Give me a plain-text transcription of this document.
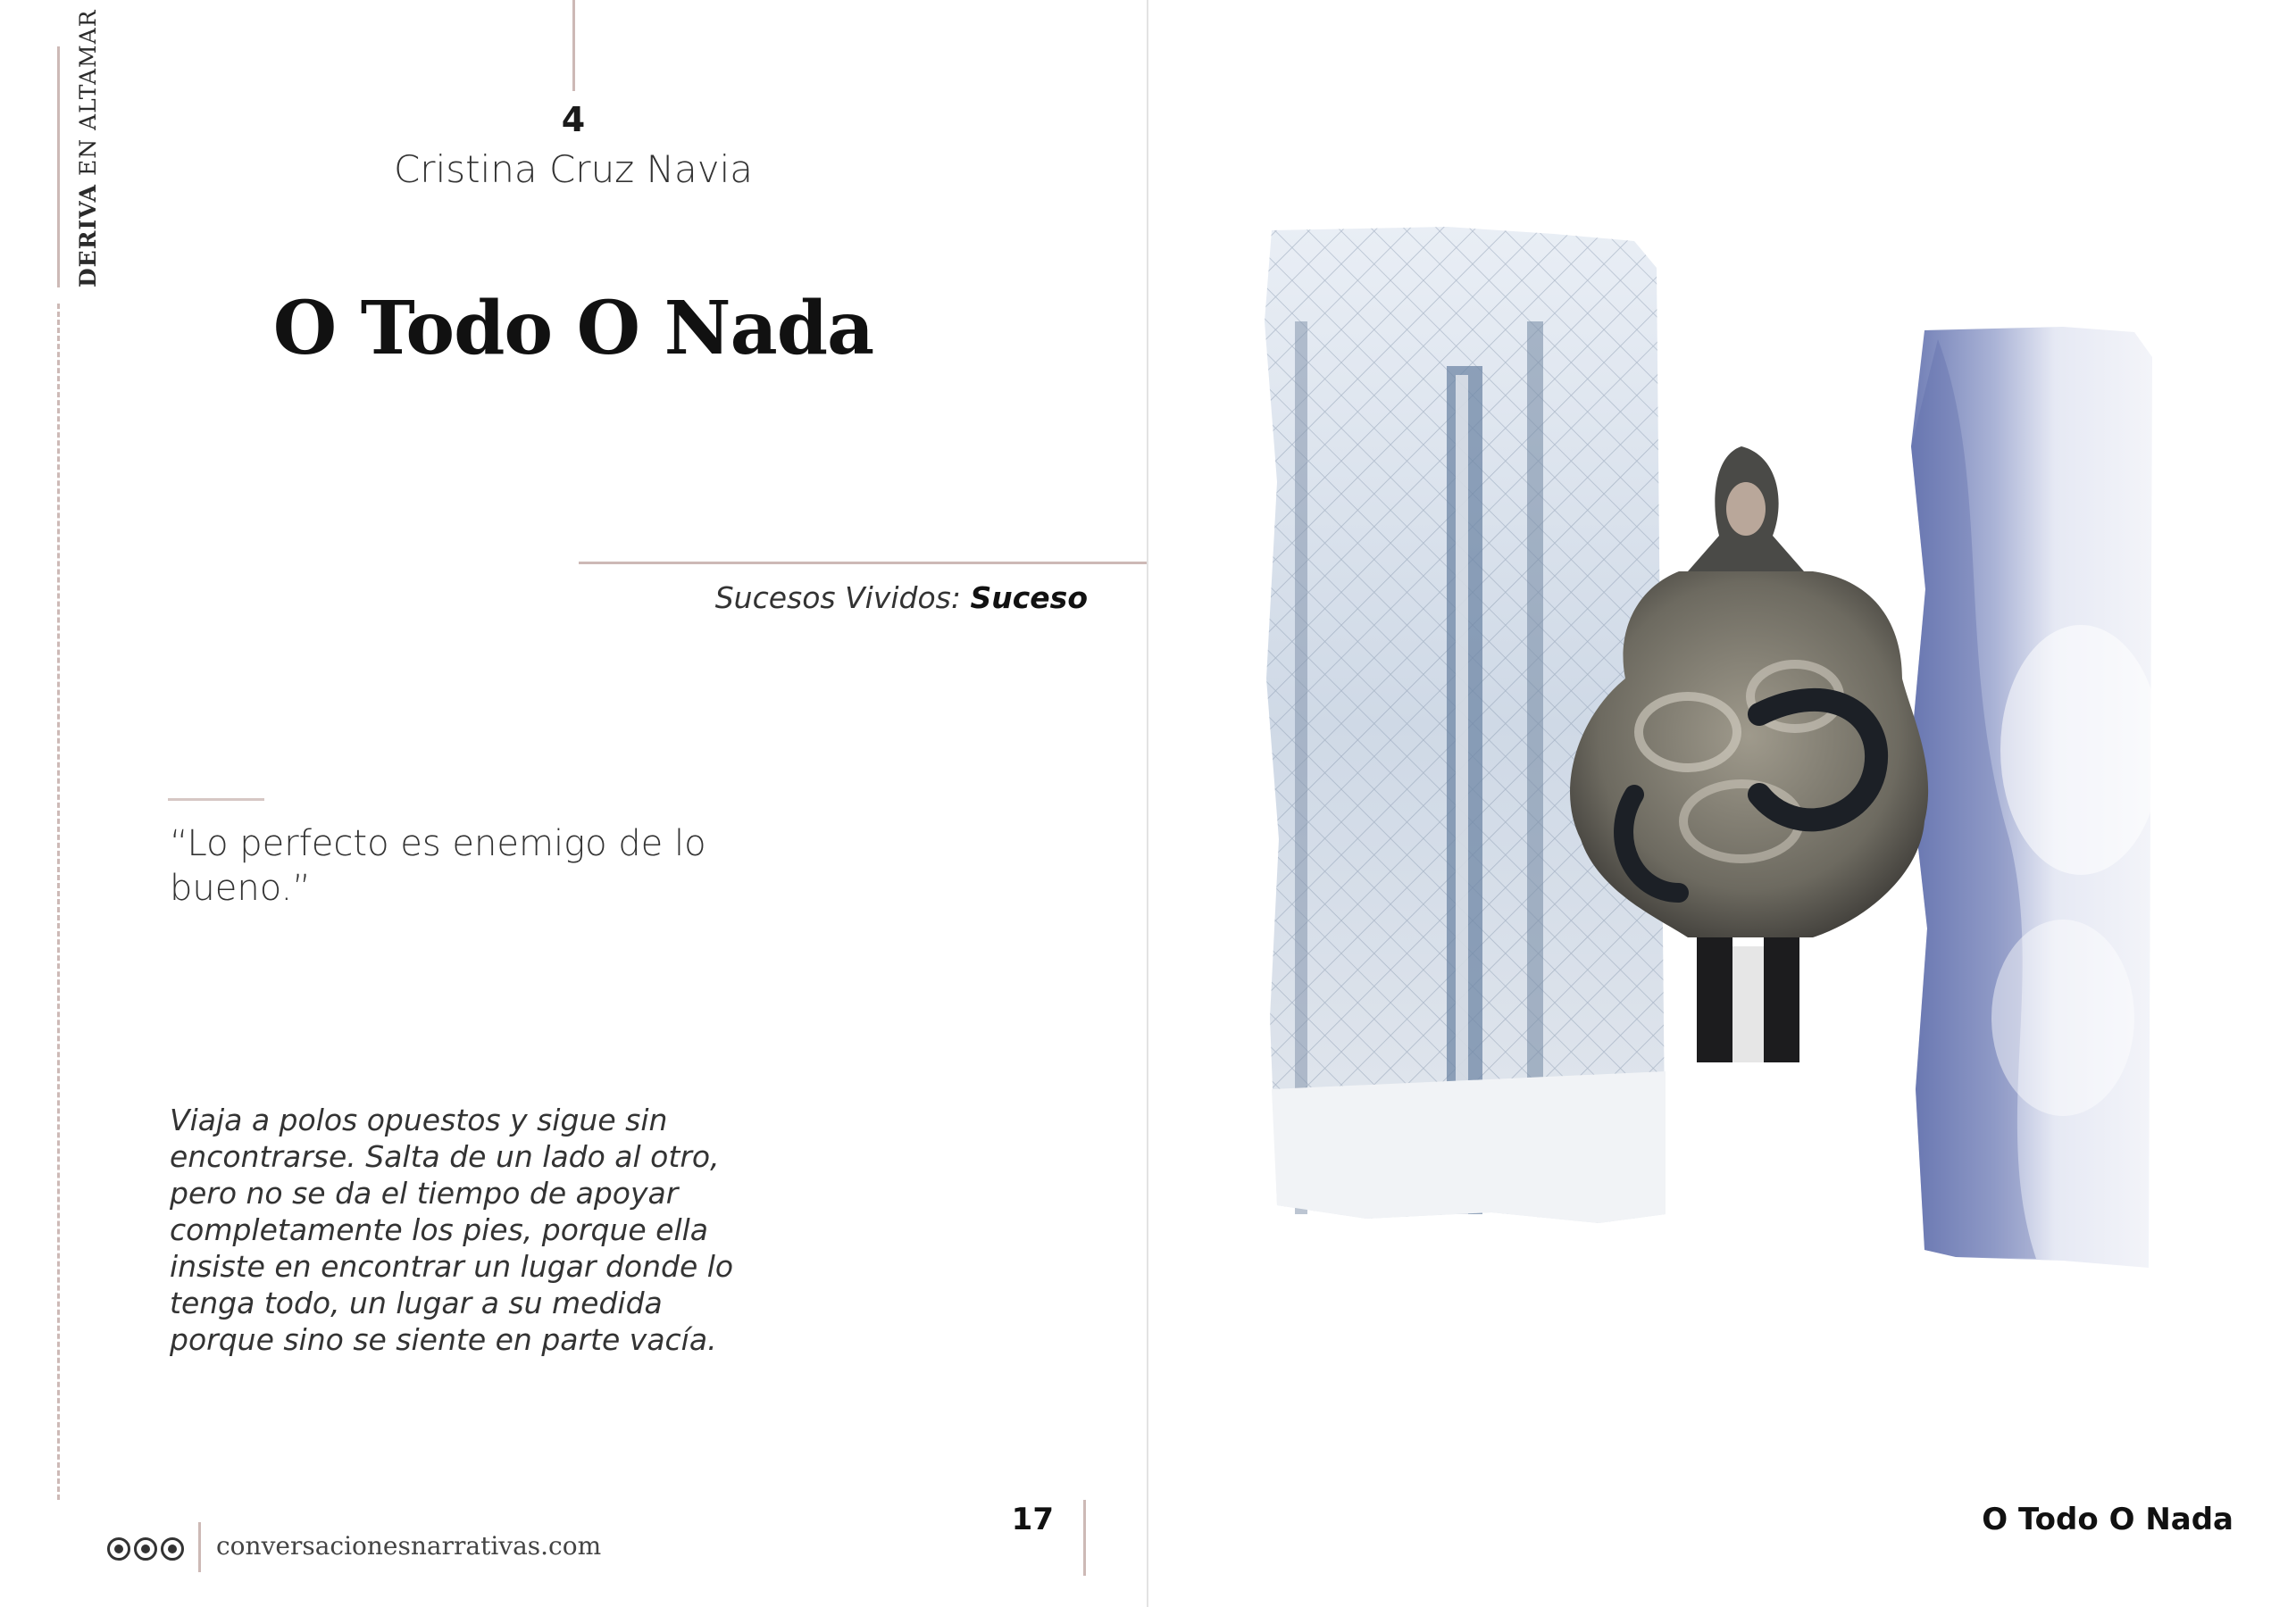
DERIVA EN ALTAMAR	4
Cristina Cruz Navia
O Todo O Nada
Sucesos Vividos: Suceso
“Lo perfecto es enemigo de lo bueno.”
Viaja a polos opuestos y sigue sin encontrarse. Salta de un lado al otro, pero no se da el tiempo de apoyar completamente los pies, porque ella insiste en encontrar un lugar donde lo tenga todo, un lugar a su medida porque sino se siente en parte vacía.
conversacionesnarrativas.com
17	O Todo O Nada
